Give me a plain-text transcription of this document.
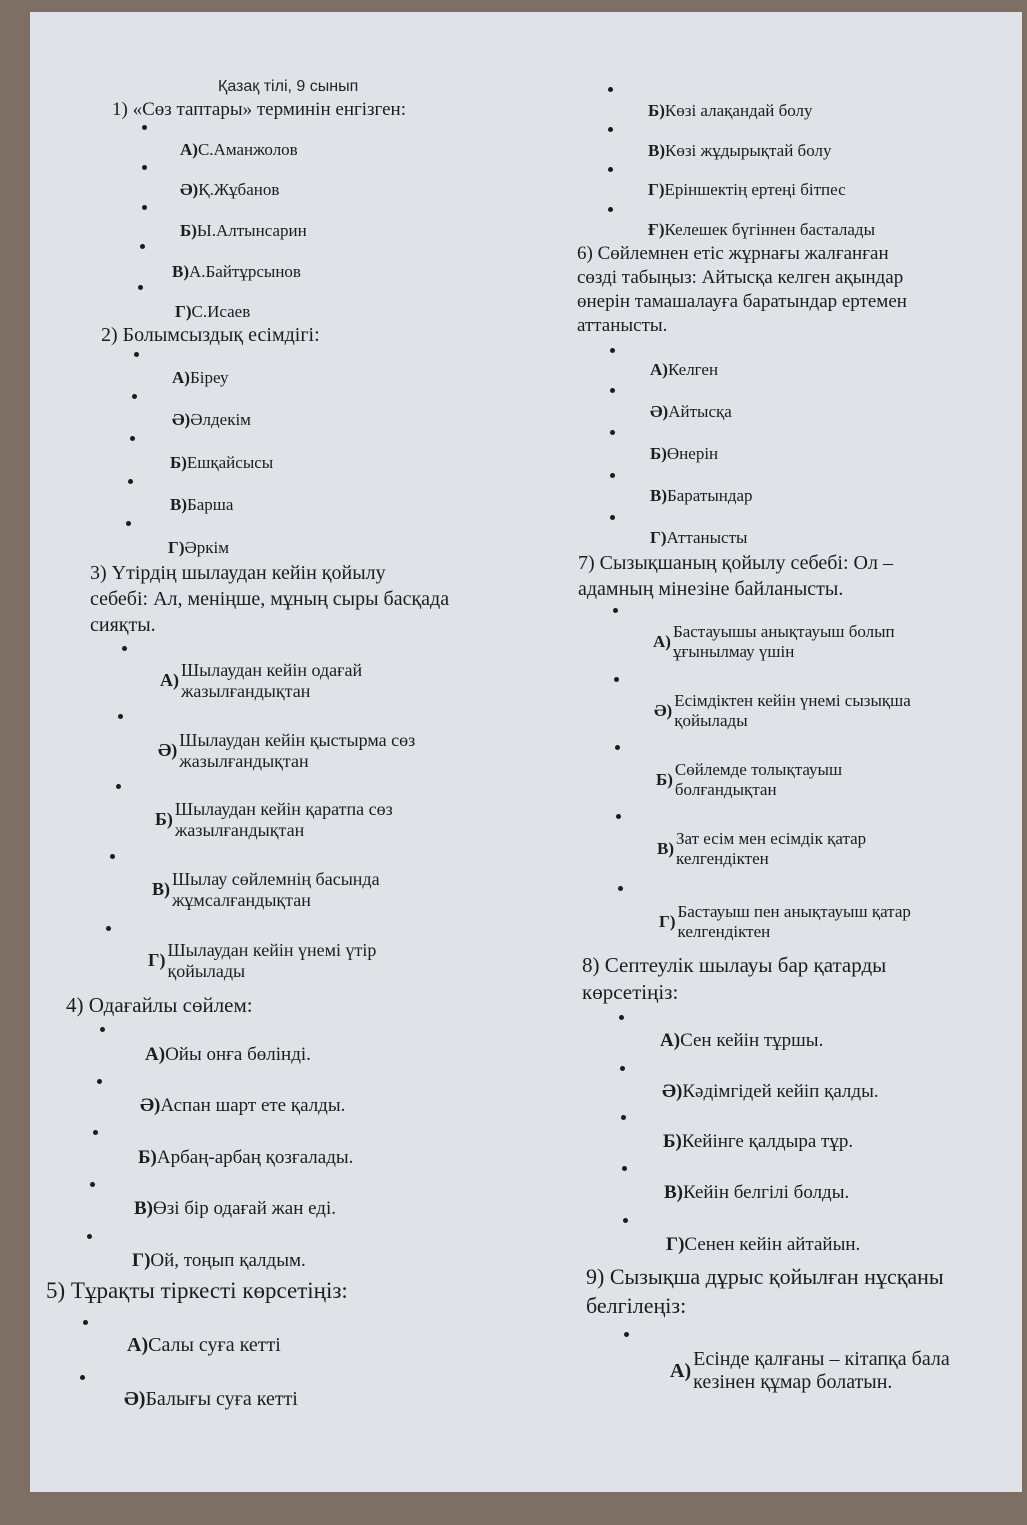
Қазақ тілі, 9 сынып
1) «Сөз таптары» терминін енгізген:
А)С.Аманжолов
Ә)Қ.Жұбанов
Б)Ы.Алтынсарин
В)А.Байтұрсынов
Г)С.Исаев
2) Болымсыздық есімдігі:
А)Біреу
Ә)Әлдекім
Б)Ешқайсысы
В)Барша
Г)Әркім
3) Үтірдің шылаудан кейін қойылу
себебі: Ал, меніңше, мұның сыры басқада
сияқты.
А)
Шылаудан кейін одағай
жазылғандықтан
Ә)
Шылаудан кейін қыстырма сөз
жазылғандықтан
Б)
Шылаудан кейін қаратпа сөз
жазылғандықтан
В)
Шылау сөйлемнің басында
жұмсалғандықтан
Г)
Шылаудан кейін үнемі үтір
қойылады
4) Одағайлы сөйлем:
А)Ойы онға бөлінді.
Ә)Аспан шарт ете қалды.
Б)Арбаң-арбаң қозғалады.
В)Өзі бір одағай жан еді.
Г)Ой, тоңып қалдым.
5) Тұрақты тіркесті көрсетіңіз:
А)Салы суға кетті
Ә)Балығы суға кетті
Б)Көзі алақандай болу
В)Көзі жұдырықтай болу
Г)Еріншектің ертеңі бітпес
Ғ)Келешек бүгіннен басталады
6) Сөйлемнен етіс жұрнағы жалғанған
сөзді табыңыз: Айтысқа келген ақындар
өнерін тамашалауға баратындар ертемен
аттанысты.
А)Келген
Ә)Айтысқа
Б)Өнерін
В)Баратындар
Г)Аттанысты
7) Сызықшаның қойылу себебі: Ол –
адамның мінезіне байланысты.
А)
Бастауышы анықтауыш болып
ұғынылмау үшін
Ә)
Есімдіктен кейін үнемі сызықша
қойылады
Б)
Сөйлемде толықтауыш
болғандықтан
В)
Зат есім мен есімдік қатар
келгендіктен
Г)
Бастауыш пен анықтауыш қатар
келгендіктен
8) Септеулік шылауы бар қатарды
көрсетіңіз:
А)Сен кейін тұршы.
Ә)Кәдімгідей кейіп қалды.
Б)Кейінге қалдыра тұр.
В)Кейін белгілі болды.
Г)Сенен кейін айтайын.
9) Сызықша дұрыс қойылған нұсқаны
белгілеңіз:
А)
Есінде қалғаны – кітапқа бала
кезінен құмар болатын.
